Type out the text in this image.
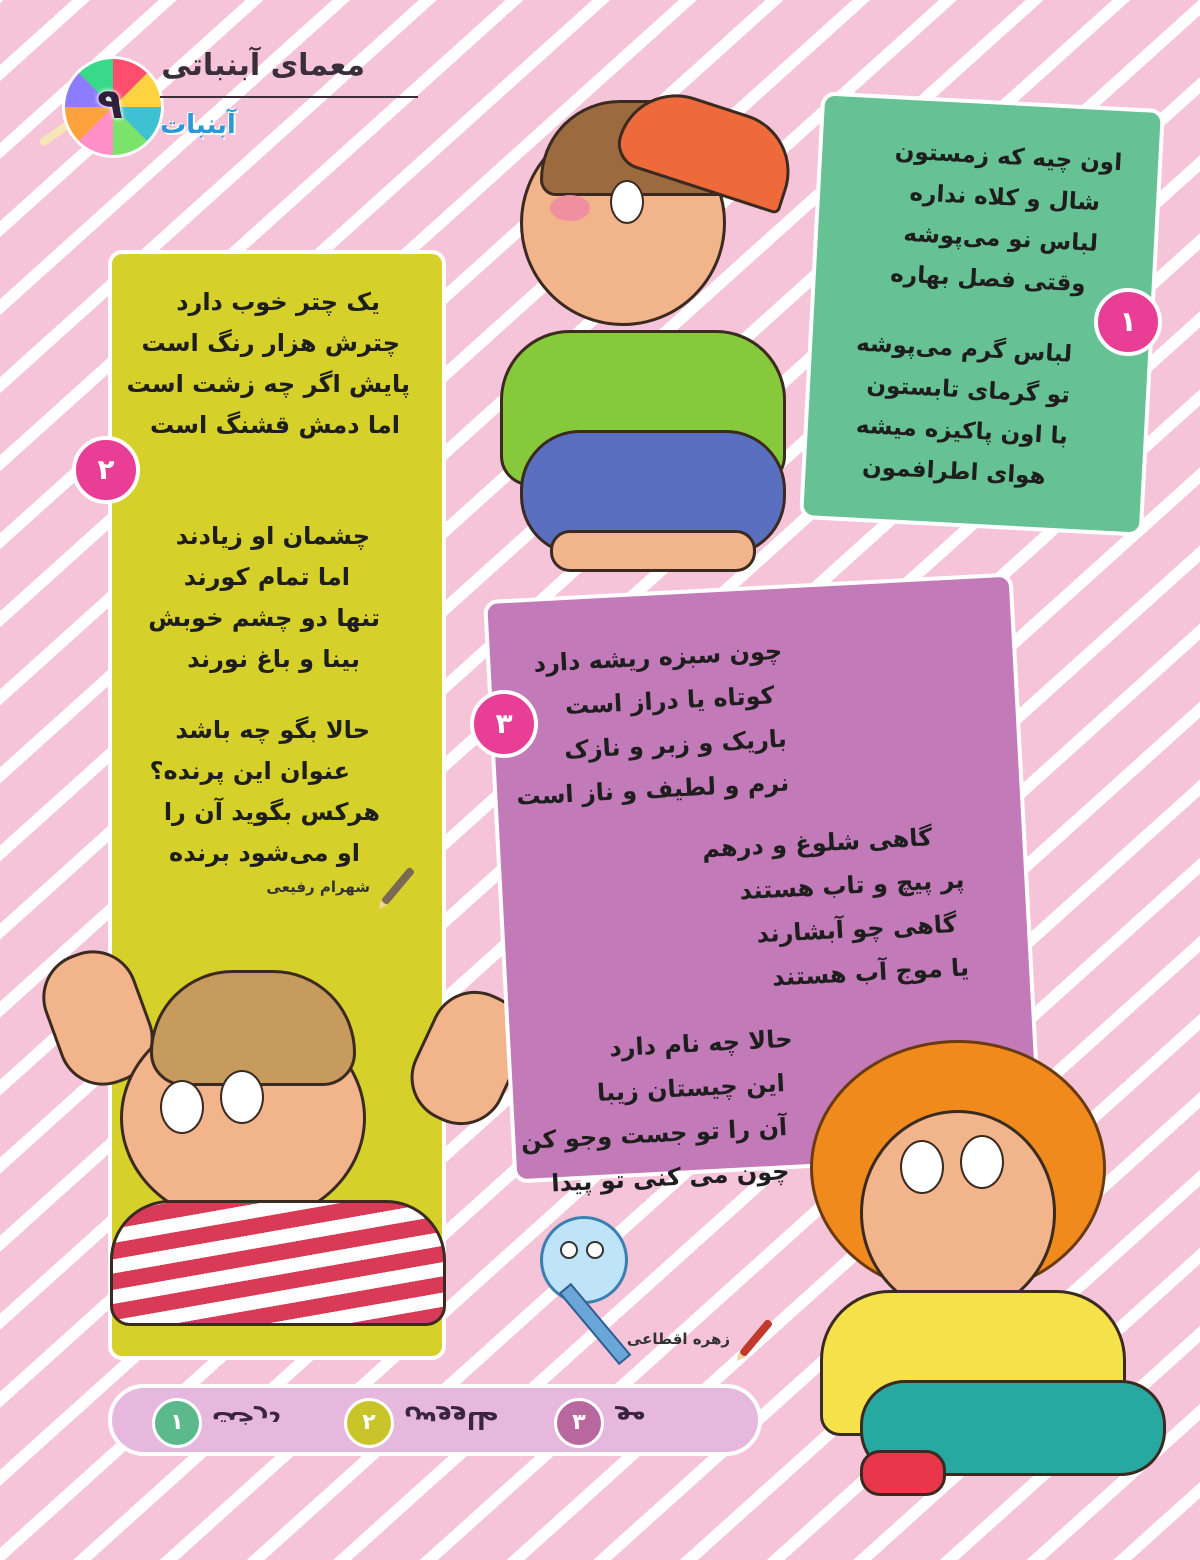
۹
معمای آبنباتی
آبنبات
اون چیه که زمستون
شال و کلاه نداره
لباس نو می‌پوشه
وقتی فصل بهاره
لباس گرم می‌پوشه
تو گرمای تابستون
با اون پاکیزه میشه
هوای اطرافمون
۱
یک چتر خوب دارد
چترش هزار رنگ است
پایش اگر چه زشت است
اما دمش قشنگ است
چشمان او زیادند
اما تمام کورند
تنها دو چشم خوبش
بینا و باغ نورند
حالا بگو چه باشد
عنوان این پرنده؟
هرکس بگوید آن را
او می‌شود برنده
۲
شهرام رفیعی
چون سبزه ریشه دارد
کوتاه یا دراز است
باریک و زبر و نازک
نرم و لطیف و ناز است
گاهی شلوغ و درهم
پر پیچ و تاب هستند
گاهی چو آبشارند
یا موج آب هستند
حالا چه نام دارد
این چیستان زیبا
آن را تو جست وجو کن
چون می کنی تو پیدا
۳
زهره اقطاعی
۱	درخت	۲	طاووس	۳	مو
